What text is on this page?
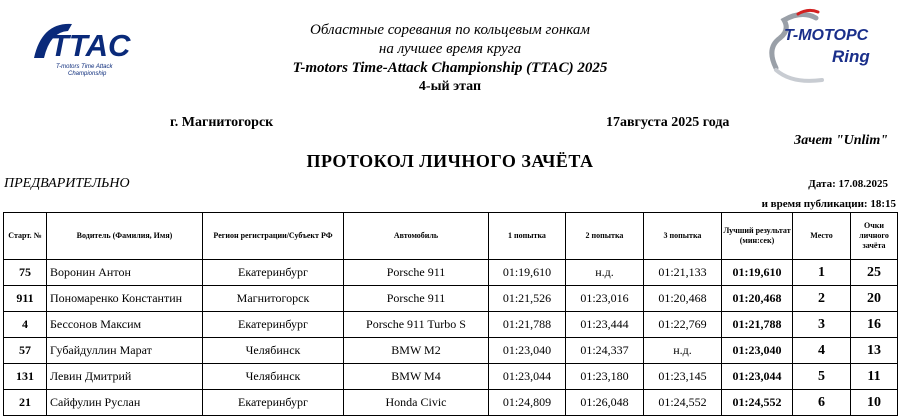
TTAC
T-motors Time Attack
Championship
T-МОТОРС
Ring
Областные соревания по кольцевым гонкам
на лучшее время круга
T-motors Time-Attack Championship (TTAC) 2025
4-ый этап
г. Магнитогорск	17августа 2025 года
Зачет "Unlim"
ПРОТОКОЛ ЛИЧНОГО ЗАЧЁТА
ПРЕДВАРИТЕЛЬНО	Дата: 17.08.2025
и время публикации: 18:15
Старт. №	Водитель (Фамилия, Имя)	Регион регистрации/Субъект РФ	Автомобиль	1 попытка	2 попытка	3 попытка	Лучший результат (мин:сек)	Место	Очки личного зачёта
75	Воронин Антон	Екатеринбург	Porsche 911	01:19,610	н.д.	01:21,133	01:19,610	1	25
911	Пономаренко Константин	Магнитогорск	Porsche 911	01:21,526	01:23,016	01:20,468	01:20,468	2	20
4	Бессонов Максим	Екатеринбург	Porsche 911 Turbo S	01:21,788	01:23,444	01:22,769	01:21,788	3	16
57	Губайдуллин Марат	Челябинск	BMW M2	01:23,040	01:24,337	н.д.	01:23,040	4	13
131	Левин Дмитрий	Челябинск	BMW M4	01:23,044	01:23,180	01:23,145	01:23,044	5	11
21	Сайфулин Руслан	Екатеринбург	Honda Civic	01:24,809	01:26,048	01:24,552	01:24,552	6	10
